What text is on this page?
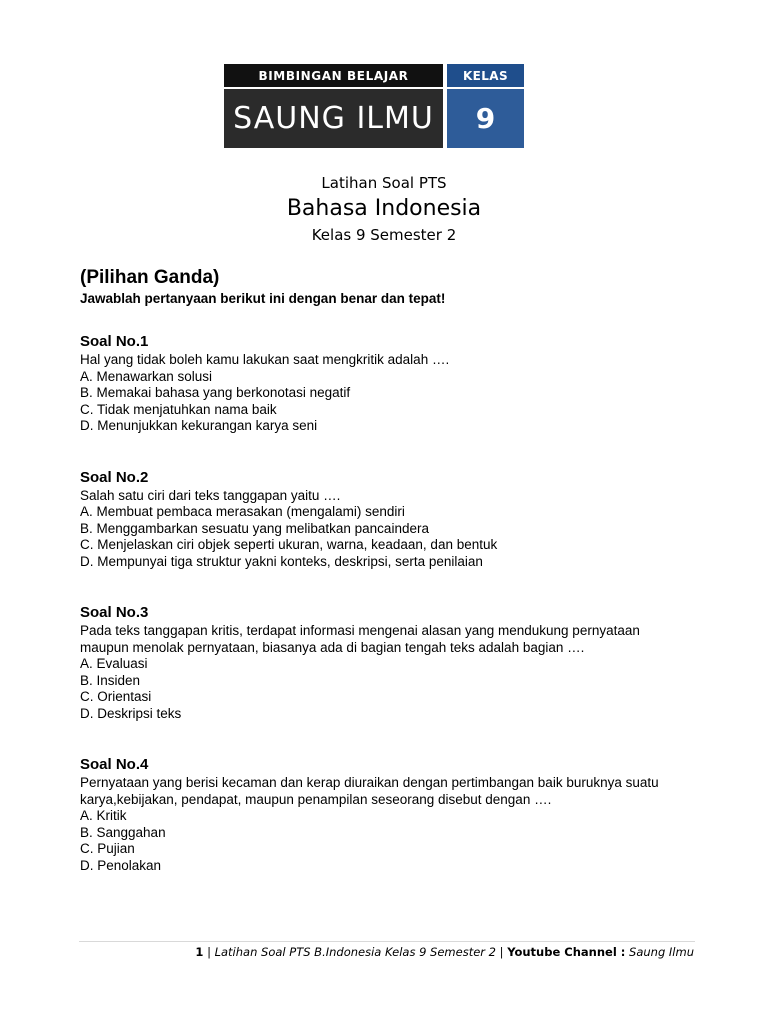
BIMBINGAN BELAJAR	KELAS
SAUNG ILMU	9
Latihan Soal PTS
Bahasa Indonesia
Kelas 9 Semester 2
(Pilihan Ganda)
Jawablah pertanyaan berikut ini dengan benar dan tepat!
Soal No.1
Hal yang tidak boleh kamu lakukan saat mengkritik adalah ….
A. Menawarkan solusi
B. Memakai bahasa yang berkonotasi negatif
C. Tidak menjatuhkan nama baik
D. Menunjukkan kekurangan karya seni
Soal No.2
Salah satu ciri dari teks tanggapan yaitu ….
A. Membuat pembaca merasakan (mengalami) sendiri
B. Menggambarkan sesuatu yang melibatkan pancaindera
C. Menjelaskan ciri objek seperti ukuran, warna, keadaan, dan bentuk
D. Mempunyai tiga struktur yakni konteks, deskripsi, serta penilaian
Soal No.3
Pada teks tanggapan kritis, terdapat informasi mengenai alasan yang mendukung pernyataan
maupun menolak pernyataan, biasanya ada di bagian tengah teks adalah bagian ….
A. Evaluasi
B. Insiden
C. Orientasi
D. Deskripsi teks
Soal No.4
Pernyataan yang berisi kecaman dan kerap diuraikan dengan pertimbangan baik buruknya suatu
karya,kebijakan, pendapat, maupun penampilan seseorang disebut dengan ….
A. Kritik
B. Sanggahan
C. Pujian
D. Penolakan
1 | Latihan Soal PTS B.Indonesia Kelas 9 Semester 2 | Youtube Channel : Saung Ilmu
